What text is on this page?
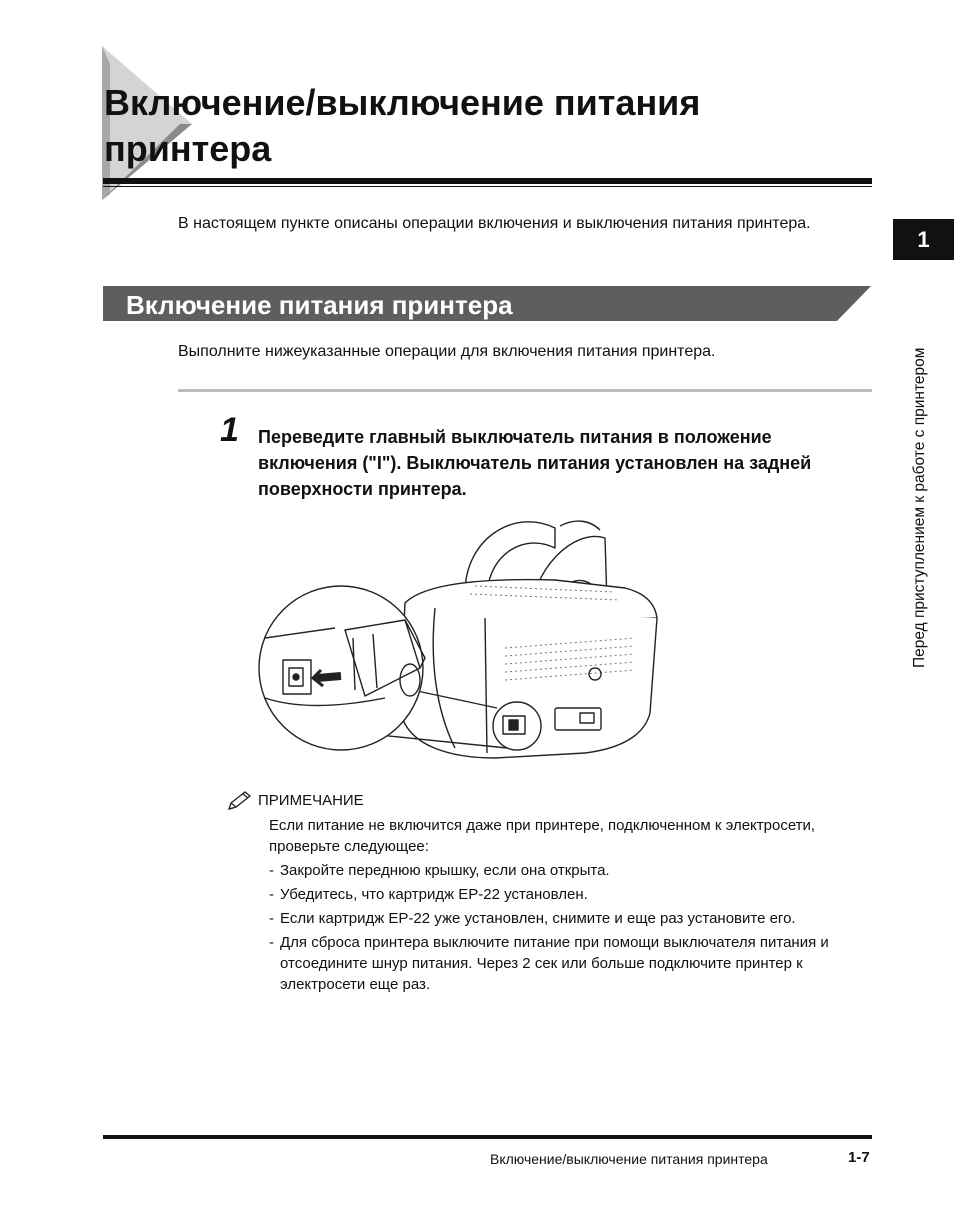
Включение/выключение питания принтера
1
Перед приступлением к работе с принтером

В настоящем пункте описаны операции включения и выключения питания принтера.

Включение питания принтера

Выполните нижеуказанные операции для включения питания принтера.

1 Переведите главный выключатель питания в положение включения ("I"). Выключатель питания установлен на задней поверхности принтера.

ПРИМЕЧАНИЕ

Если питание не включится даже при принтере, подключенном к электросети, проверьте следующее:

- Закройте переднюю крышку, если она открыта.
- Убедитесь, что картридж EP-22 установлен.
- Если картридж EP-22 уже установлен, снимите и еще раз установите его.
- Для сброса принтера выключите питание при помощи выключателя питания и отсоедините шнур питания. Через 2 сек или больше подключите принтер к электросети еще раз.
Включение/выключение питания принтера	1-7
